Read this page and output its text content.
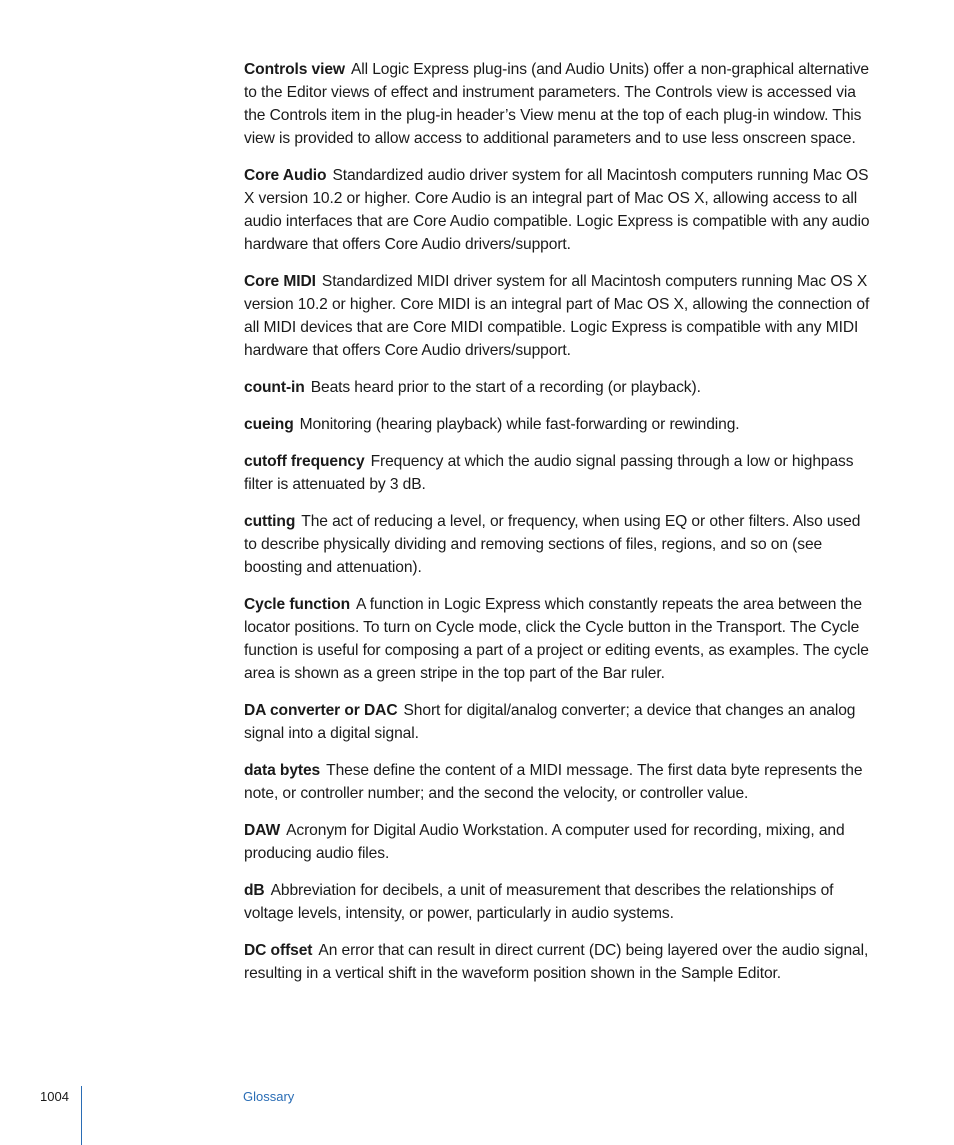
Controls view All Logic Express plug-ins (and Audio Units) offer a non-graphical alternative to the Editor views of effect and instrument parameters. The Controls view is accessed via the Controls item in the plug-in header’s View menu at the top of each plug-in window. This view is provided to allow access to additional parameters and to use less onscreen space.

Core Audio Standardized audio driver system for all Macintosh computers running Mac OS X version 10.2 or higher. Core Audio is an integral part of Mac OS X, allowing access to all audio interfaces that are Core Audio compatible. Logic Express is compatible with any audio hardware that offers Core Audio drivers/support.

Core MIDI Standardized MIDI driver system for all Macintosh computers running Mac OS X version 10.2 or higher. Core MIDI is an integral part of Mac OS X, allowing the connection of all MIDI devices that are Core MIDI compatible. Logic Express is compatible with any MIDI hardware that offers Core Audio drivers/support.

count-in Beats heard prior to the start of a recording (or playback).

cueing Monitoring (hearing playback) while fast-forwarding or rewinding.

cutoff frequency Frequency at which the audio signal passing through a low or highpass filter is attenuated by 3 dB.

cutting The act of reducing a level, or frequency, when using EQ or other filters. Also used to describe physically dividing and removing sections of files, regions, and so on (see boosting and attenuation).

Cycle function A function in Logic Express which constantly repeats the area between the locator positions. To turn on Cycle mode, click the Cycle button in the Transport. The Cycle function is useful for composing a part of a project or editing events, as examples. The cycle area is shown as a green stripe in the top part of the Bar ruler.

DA converter or DAC Short for digital/analog converter; a device that changes an analog signal into a digital signal.

data bytes These define the content of a MIDI message. The first data byte represents the note, or controller number; and the second the velocity, or controller value.

DAW Acronym for Digital Audio Workstation. A computer used for recording, mixing, and producing audio files.

dB Abbreviation for decibels, a unit of measurement that describes the relationships of voltage levels, intensity, or power, particularly in audio systems.

DC offset An error that can result in direct current (DC) being layered over the audio signal, resulting in a vertical shift in the waveform position shown in the Sample Editor.

1004	Glossary
